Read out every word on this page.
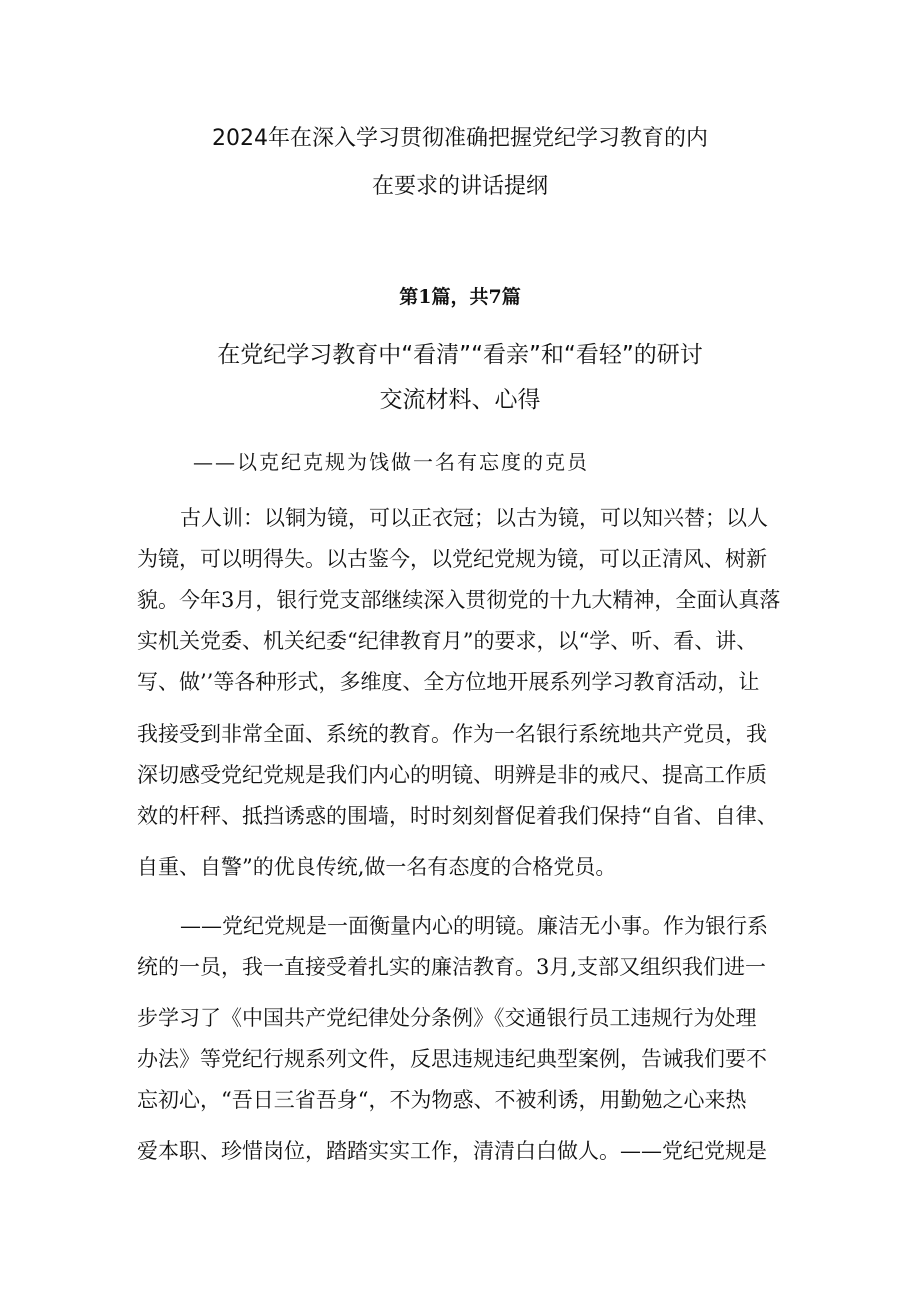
2024年在深入学习贯彻准确把握党纪学习教育的内
在要求的讲话提纲
第1篇，共7篇
在党纪学习教育中“看清”“看亲”和“看轻”的研讨
交流材料、心得
——以克纪克规为饯做一名有忘度的克员
古人训：以铜为镜，可以正衣冠；以古为镜，可以知兴替；以人
为镜，可以明得失。以古鉴今，以党纪党规为镜，可以正清风、树新
貌。今年3月，银行党支部继续深入贯彻党的十九大精神，全面认真落
实机关党委、机关纪委“纪律教育月”的要求，以“学、听、看、讲、
写、做’’等各种形式，多维度、全方位地开展系列学习教育活动，让
我接受到非常全面、系统的教育。作为一名银行系统地共产党员，我
深切感受党纪党规是我们内心的明镜、明辨是非的戒尺、提高工作质
效的杆秤、抵挡诱惑的围墙，时时刻刻督促着我们保持“自省、自律、
自重、自警”的优良传统,做一名有态度的合格党员。
——党纪党规是一面衡量内心的明镜。廉洁无小事。作为银行系
统的一员，我一直接受着扎实的廉洁教育。3月,支部又组织我们进一
步学习了《中国共产党纪律处分条例》《交通银行员工违规行为处理
办法》等党纪行规系列文件，反思违规违纪典型案例，告诫我们要不
忘初心，“吾日三省吾身“，不为物惑、不被利诱，用勤勉之心来热
爱本职、珍惜岗位，踏踏实实工作，清清白白做人。——党纪党规是
